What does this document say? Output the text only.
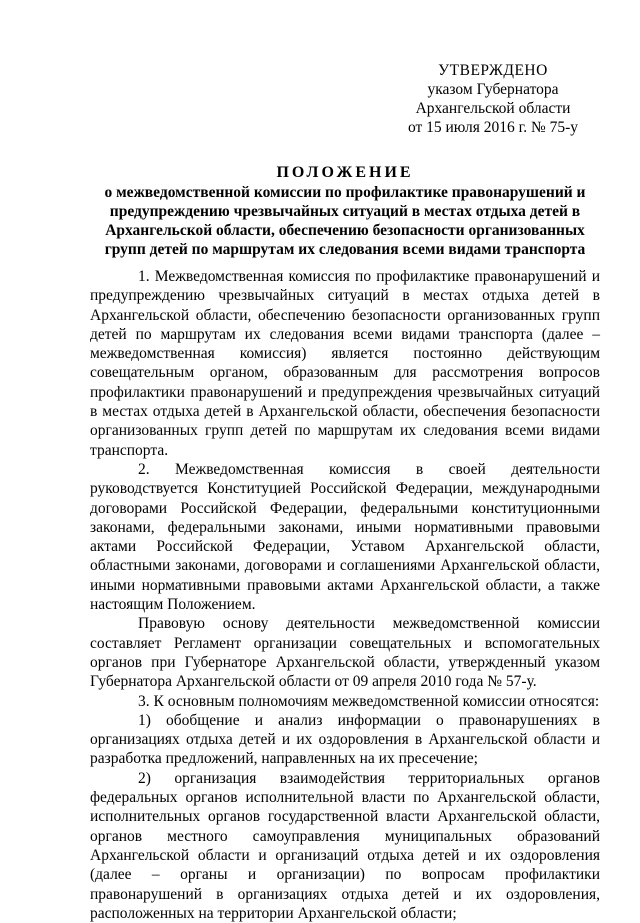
УТВЕРЖДЕНО
указом Губернатора
Архангельской области
от 15 июля 2016 г. № 75-у
ПОЛОЖЕНИЕ
о межведомственной комиссии по профилактике правонарушений и предупреждению чрезвычайных ситуаций в местах отдыха детей в Архангельской области, обеспечению безопасности организованных групп детей по маршрутам их следования всеми видами транспорта

1. Межведомственная комиссия по профилактике правонарушений и предупреждению чрезвычайных ситуаций в местах отдыха детей в Архангельской области, обеспечению безопасности организованных групп детей по маршрутам их следования всеми видами транспорта (далее – межведомственная комиссия) является постоянно действующим совещательным органом, образованным для рассмотрения вопросов профилактики правонарушений и предупреждения чрезвычайных ситуаций в местах отдыха детей в Архангельской области, обеспечения безопасности организованных групп детей по маршрутам их следования всеми видами транспорта.

2. Межведомственная комиссия в своей деятельности руководствуется Конституцией Российской Федерации, международными договорами Российской Федерации, федеральными конституционными законами, федеральными законами, иными нормативными правовыми актами Российской Федерации, Уставом Архангельской области, областными законами, договорами и соглашениями Архангельской области, иными нормативными правовыми актами Архангельской области, а также настоящим Положением.

Правовую основу деятельности межведомственной комиссии составляет Регламент организации совещательных и вспомогательных органов при Губернаторе Архангельской области, утвержденный указом Губернатора Архангельской области от 09 апреля 2010 года № 57-у.

3. К основным полномочиям межведомственной комиссии относятся:

1) обобщение и анализ информации о правонарушениях в организациях отдыха детей и их оздоровления в Архангельской области и разработка предложений, направленных на их пресечение;

2) организация взаимодействия территориальных органов федеральных органов исполнительной власти по Архангельской области, исполнительных органов государственной власти Архангельской области, органов местного самоуправления муниципальных образований Архангельской области и организаций отдыха детей и их оздоровления (далее – органы и организации) по вопросам профилактики правонарушений в организациях отдыха детей и их оздоровления, расположенных на территории Архангельской области;
